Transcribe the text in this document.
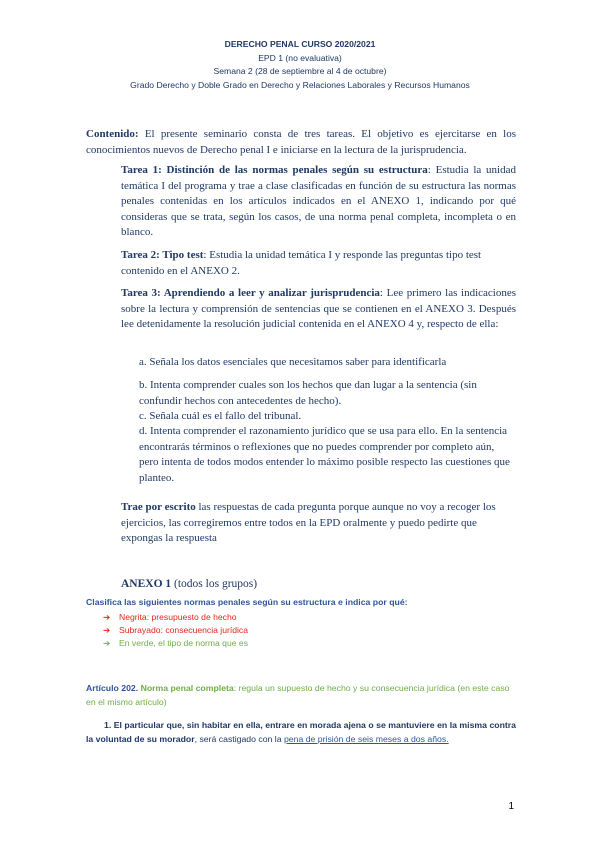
DERECHO PENAL CURSO 2020/2021
EPD 1 (no evaluativa)
Semana 2 (28 de septiembre al 4 de octubre)
Grado Derecho y Doble Grado en Derecho y Relaciones Laborales y Recursos Humanos
Contenido: El presente seminario consta de tres tareas. El objetivo es ejercitarse en los conocimientos nuevos de Derecho penal I e iniciarse en la lectura de la jurisprudencia.
Tarea 1: Distinción de las normas penales según su estructura: Estudia la unidad temática I del programa y trae a clase clasificadas en función de su estructura las normas penales contenidas en los artículos indicados en el ANEXO 1, indicando por qué consideras que se trata, según los casos, de una norma penal completa, incompleta o en blanco.
Tarea 2: Tipo test: Estudia la unidad temática I y responde las preguntas tipo test contenido en el ANEXO 2.
Tarea 3: Aprendiendo a leer y analizar jurisprudencia: Lee primero las indicaciones sobre la lectura y comprensión de sentencias que se contienen en el ANEXO 3. Después lee detenidamente la resolución judicial contenida en el ANEXO 4 y, respecto de ella:
a. Señala los datos esenciales que necesitamos saber para identificarla
b. Intenta comprender cuales son los hechos que dan lugar a la sentencia (sin confundir hechos con antecedentes de hecho).
c. Señala cuál es el fallo del tribunal.
d. Intenta comprender el razonamiento jurídico que se usa para ello. En la sentencia encontrarás términos o reflexiones que no puedes comprender por completo aún, pero intenta de todos modos entender lo máximo posible respecto las cuestiones que planteo.
Trae por escrito las respuestas de cada pregunta porque aunque no voy a recoger los ejercicios, las corregiremos entre todos en la EPD oralmente y puedo pedirte que expongas la respuesta
ANEXO 1 (todos los grupos)
Clasifica las siguientes normas penales según su estructura e indica por qué:
➔ Negrita: presupuesto de hecho
➔ Subrayado: consecuencia jurídica
➔ En verde, el tipo de norma que es
Artículo 202. Norma penal completa: regula un supuesto de hecho y su consecuencia jurídica (en este caso en el mismo artículo)
1. El particular que, sin habitar en ella, entrare en morada ajena o se mantuviere en la misma contra la voluntad de su morador, será castigado con la pena de prisión de seis meses a dos años.
1
